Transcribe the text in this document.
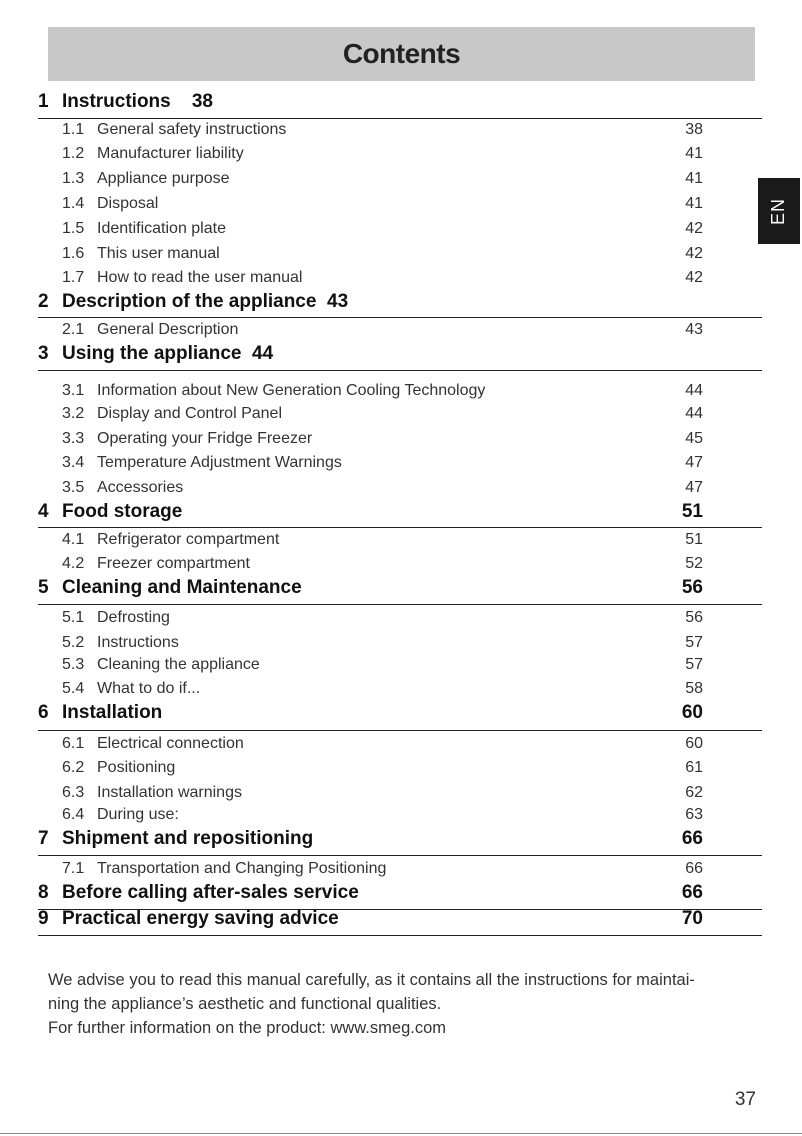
Contents
EN
1 Instructions 38
1.1 General safety instructions	38
1.2 Manufacturer liability	41
1.3 Appliance purpose	41
1.4 Disposal	41
1.5 Identification plate	42
1.6 This user manual	42
1.7 How to read the user manual	42
2 Description of the appliance 43
2.1 General Description	43
3 Using the appliance 44
3.1 Information about New Generation Cooling Technology	44
3.2 Display and Control Panel	44
3.3 Operating your Fridge Freezer	45
3.4 Temperature Adjustment Warnings	47
3.5 Accessories	47
4 Food storage	51
4.1 Refrigerator compartment	51
4.2 Freezer compartment	52
5 Cleaning and Maintenance	56
5.1 Defrosting	56
5.2 Instructions	57
5.3 Cleaning the appliance	57
5.4 What to do if...	58
6 Installation	60
6.1 Electrical connection	60
6.2 Positioning	61
6.3 Installation warnings	62
6.4 During use:	63
7 Shipment and repositioning	66
7.1 Transportation and Changing Positioning	66
8 Before calling after-sales service	66
9 Practical energy saving advice	70
We advise you to read this manual carefully, as it contains all the instructions for maintai-
ning the appliance’s aesthetic and functional qualities.
For further information on the product: www.smeg.com
37
